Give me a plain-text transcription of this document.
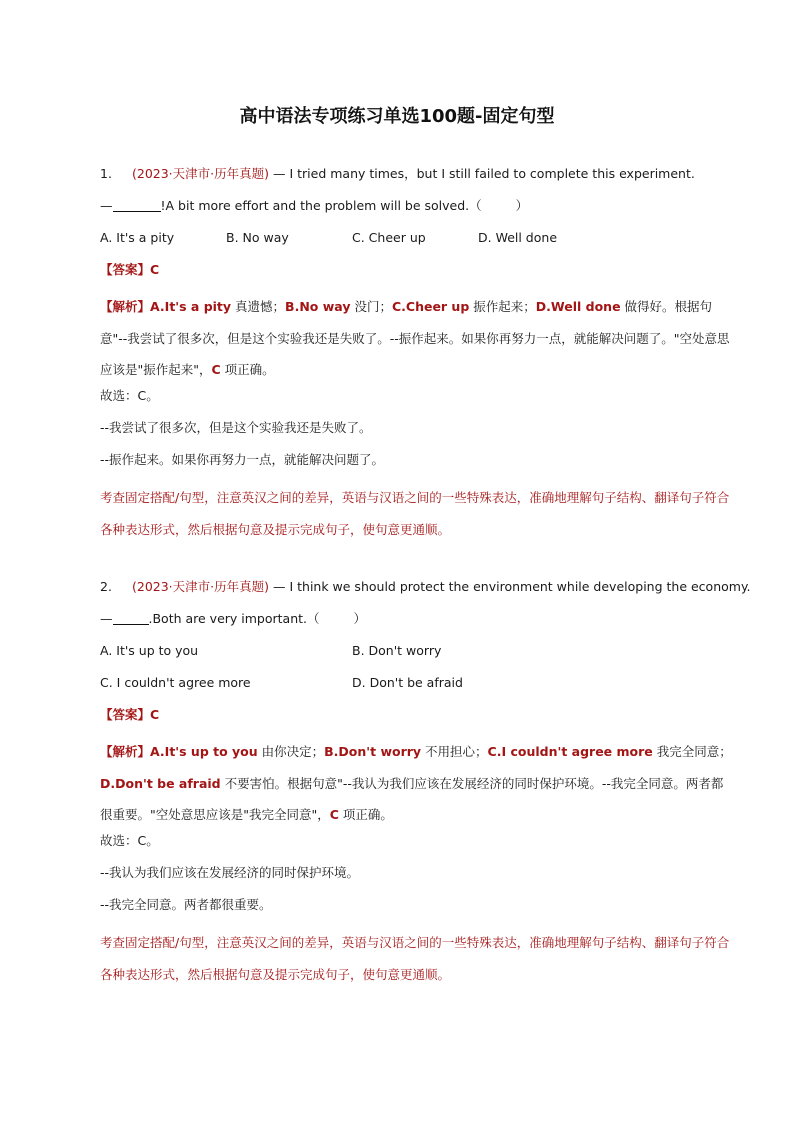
高中语法专项练习单选100题-固定句型
1. (2023·天津市·历年真题) — I tried many times，but I still failed to complete this experiment.
—	!A bit more effort and the problem will be solved.（	）
A. It's a pity	B. No way	C. Cheer up	D. Well done
【答案】C
【解析】A.It's a pity 真遗憾；B.No way 没门；C.Cheer up 振作起来；D.Well done 做得好。根据句意"--我尝试了很多次，但是这个实验我还是失败了。--振作起来。如果你再努力一点，就能解决问题了。"空处意思应该是"振作起来"，C 项正确。
故选：C。
--我尝试了很多次，但是这个实验我还是失败了。
--振作起来。如果你再努力一点，就能解决问题了。
考查固定搭配/句型，注意英汉之间的差异，英语与汉语之间的一些特殊表达，准确地理解句子结构、翻译句子符合各种表达形式，然后根据句意及提示完成句子，使句意更通顺。
2. (2023·天津市·历年真题) — I think we should protect the environment while developing the economy.
—	.Both are very important.（	）
A. It's up to you	B. Don't worry
C. I couldn't agree more	D. Don't be afraid
【答案】C
【解析】A.It's up to you 由你决定；B.Don't worry 不用担心；C.I couldn't agree more 我完全同意；D.Don't be afraid 不要害怕。根据句意"--我认为我们应该在发展经济的同时保护环境。--我完全同意。两者都很重要。"空处意思应该是"我完全同意"，C 项正确。
故选：C。
--我认为我们应该在发展经济的同时保护环境。
--我完全同意。两者都很重要。
考查固定搭配/句型，注意英汉之间的差异，英语与汉语之间的一些特殊表达，准确地理解句子结构、翻译句子符合各种表达形式，然后根据句意及提示完成句子，使句意更通顺。
